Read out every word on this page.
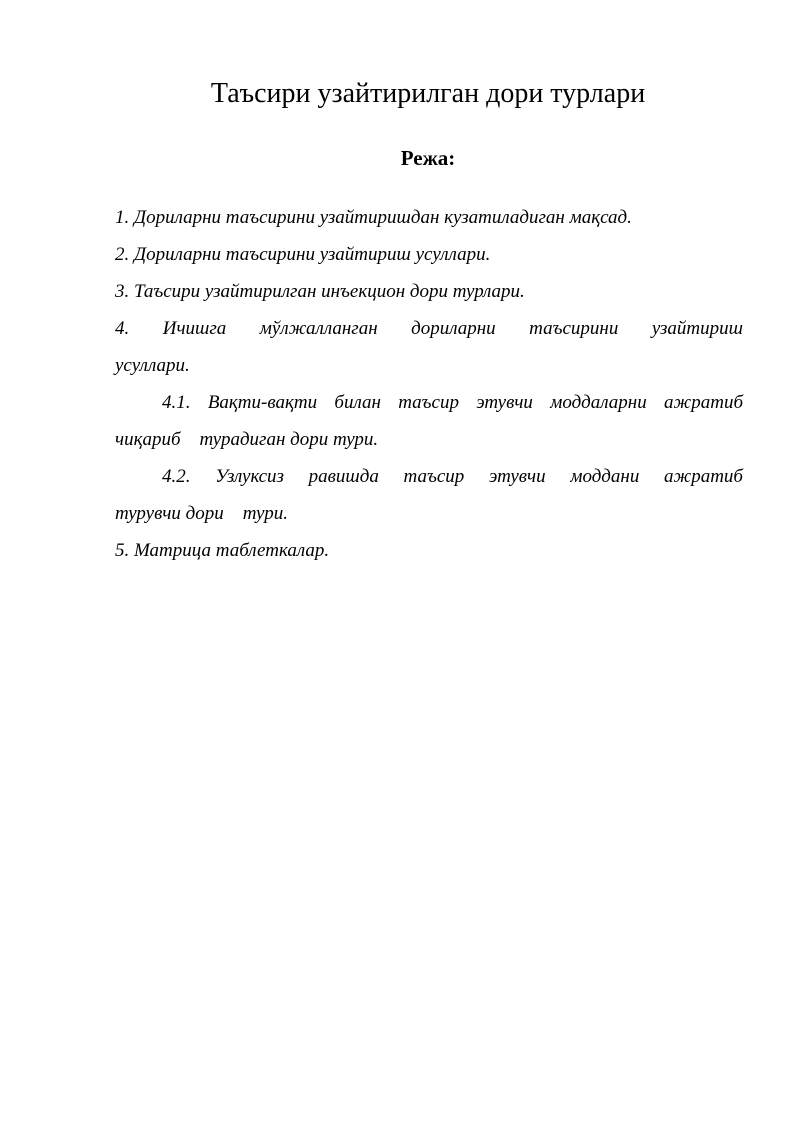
Таъсири узайтирилган дори турлари
Режа:

1. Дориларни таъсирини узайтиришдан кузатиладиган мақсад.

2. Дориларни таъсирини узайтириш усуллари.

3. Таъсири узайтирилган инъекцион дори турлари.

4. Ичишга мўлжалланган дориларни таъсирини узайтириш

усуллари.

4.1. Вақти-вақти билан таъсир этувчи моддаларни ажратиб

чиқариб    турадиган дори тури.

4.2. Узлуксиз равишда таъсир этувчи моддани ажратиб

турувчи дори    тури.

5. Матрица таблеткалар.
